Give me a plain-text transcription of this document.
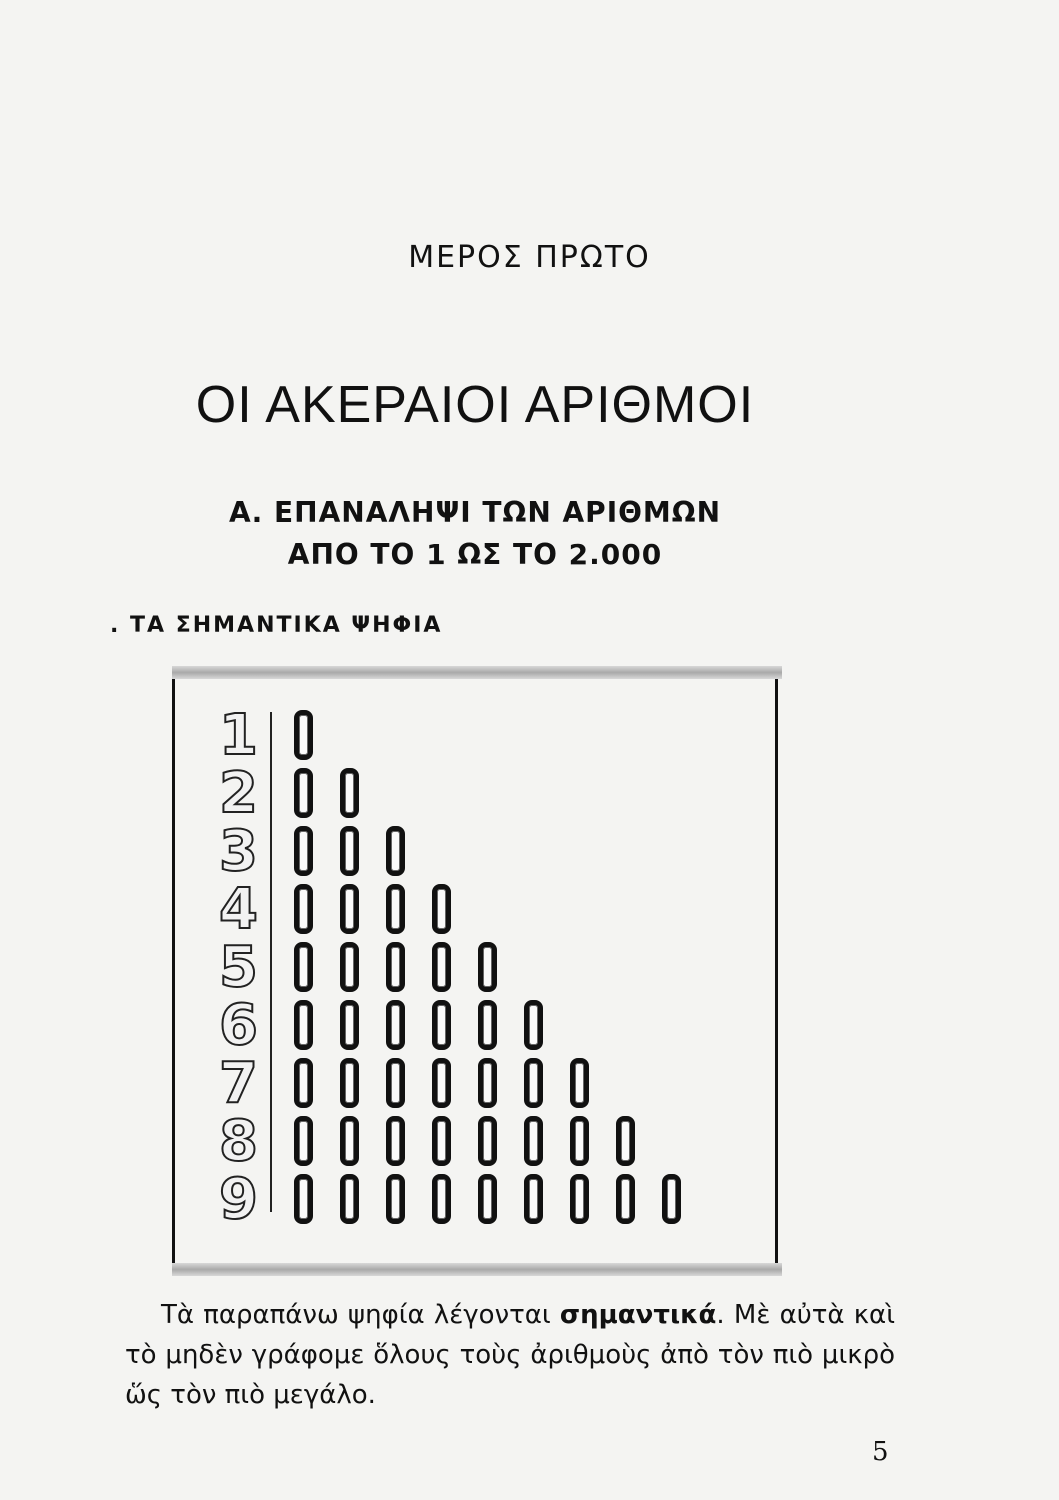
ΜΕΡΟΣ ΠΡΩΤΟ
ΟΙ ΑΚΕΡΑΙΟΙ ΑΡΙΘΜΟΙ
Α. ΕΠΑΝΑΛΗΨΙ ΤΩΝ ΑΡΙΘΜΩΝ
ΑΠΟ ΤΟ 1 ΩΣ ΤΟ 2.000
. ΤΑ ΣΗΜΑΝΤΙΚΑ ΨΗΦΙΑ
1
2
3
4
5
6
7
8
9
Τὰ παραπάνω ψηφία λέγονται σημαντικά. Μὲ αὐτὰ καὶ τὸ μηδὲν γράφομε ὅλους τοὺς ἀριθμοὺς ἀπὸ τὸν πιὸ μικρὸ ὥς τὸν πιὸ μεγάλο.
5
